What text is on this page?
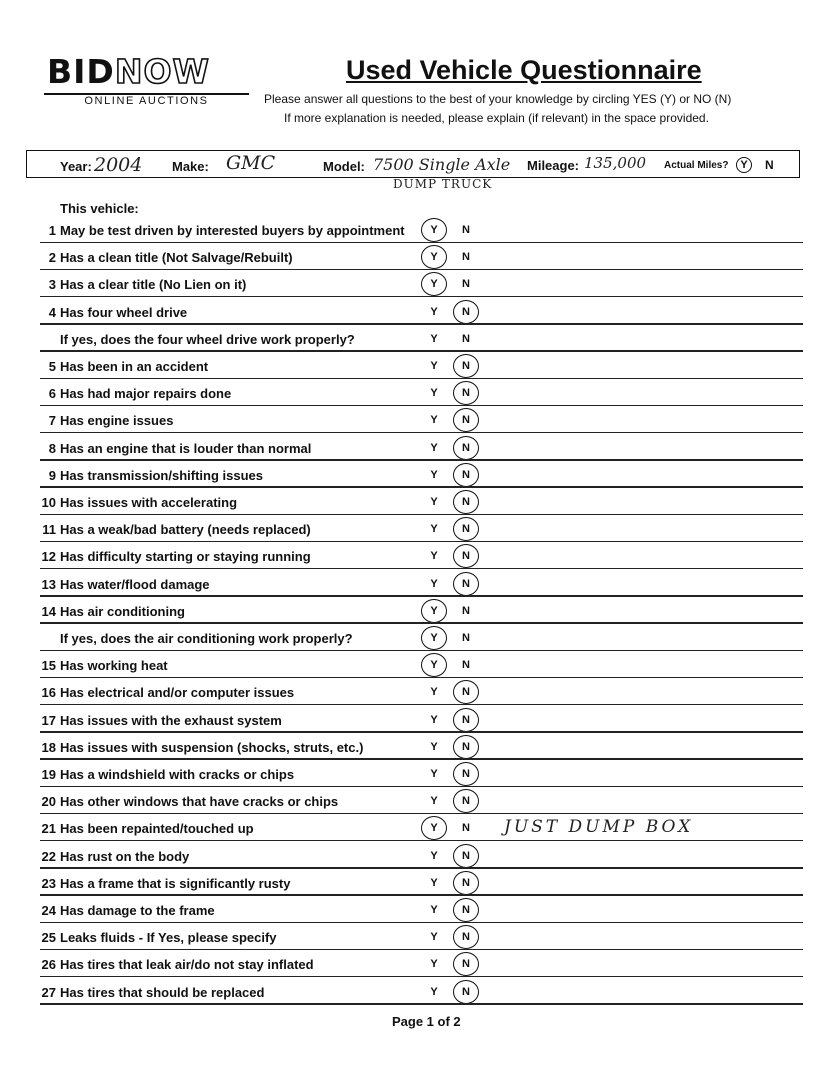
BIDNOW
ONLINE AUCTIONS
Used Vehicle Questionnaire
Please answer all questions to the best of your knowledge by circling YES (Y) or NO (N)
If more explanation is needed, please explain (if relevant) in the space provided.
Year: 2004 Make: GMC	Model: 7500 Single Axle
DUMP TRUCK
Mileage: 135,000 Actual Miles?	Y	N
This vehicle:
1 May be test driven by interested buyers by appointment	Y	N
2 Has a clean title (Not Salvage/Rebuilt)	Y	N
3 Has a clear title (No Lien on it)	Y	N
4 Has four wheel drive	Y	N
If yes, does the four wheel drive work properly?	Y	N
5 Has been in an accident	Y	N
6 Has had major repairs done	Y	N
7 Has engine issues	Y	N
8 Has an engine that is louder than normal	Y	N
9 Has transmission/shifting issues	Y	N
10 Has issues with accelerating	Y	N
11 Has a weak/bad battery (needs replaced)	Y	N
12 Has difficulty starting or staying running	Y	N
13 Has water/flood damage	Y	N
14 Has air conditioning	Y	N
If yes, does the air conditioning work properly?	Y	N
15 Has working heat	Y	N
16 Has electrical and/or computer issues	Y	N
17 Has issues with the exhaust system	Y	N
18 Has issues with suspension (shocks, struts, etc.)	Y	N
19 Has a windshield with cracks or chips	Y	N
20 Has other windows that have cracks or chips	Y	N
21 Has been repainted/touched up	Y	N JUST DUMP BOX
22 Has rust on the body	Y	N
23 Has a frame that is significantly rusty	Y	N
24 Has damage to the frame	Y	N
25 Leaks fluids - If Yes, please specify	Y	N
26 Has tires that leak air/do not stay inflated	Y	N
27 Has tires that should be replaced	Y	N
Page 1 of 2
